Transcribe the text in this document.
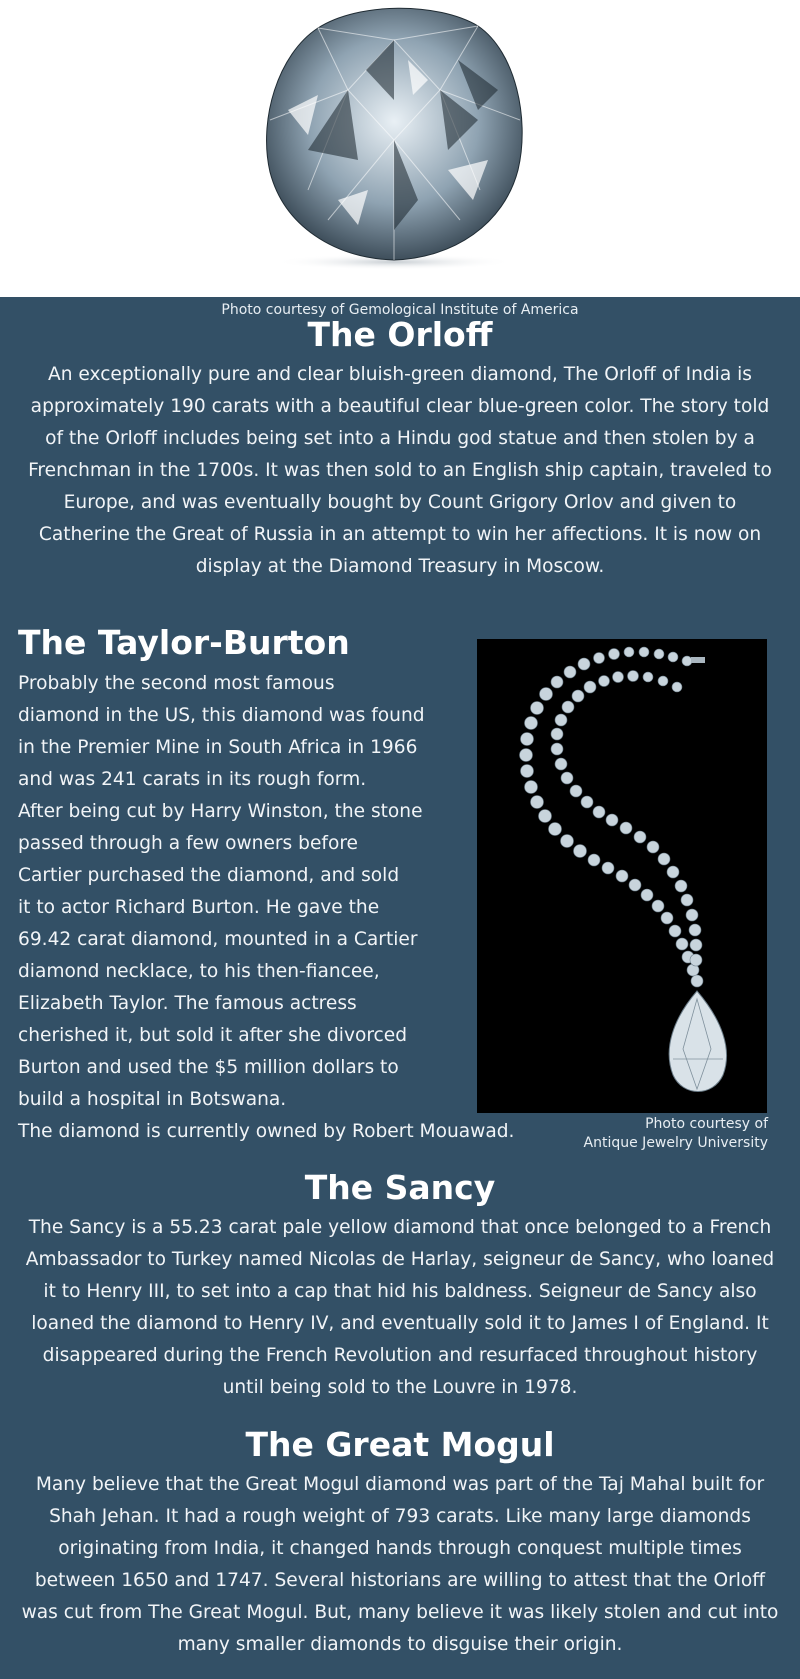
Photo courtesy of Gemological Institute of America
The Orloff
An exceptionally pure and clear bluish-green diamond, The Orloff of India is approximately 190 carats with a beautiful clear blue-green color. The story told of the Orloff includes being set into a Hindu god statue and then stolen by a Frenchman in the 1700s. It was then sold to an English ship captain, traveled to Europe, and was eventually bought by Count Grigory Orlov and given to Catherine the Great of Russia in an attempt to win her affections. It is now on display at the Diamond Treasury in Moscow.
The Taylor-Burton
Probably the second most famous
diamond in the US, this diamond was found
in the Premier Mine in South Africa in 1966
and was 241 carats in its rough form.
After being cut by Harry Winston, the stone
passed through a few owners before
Cartier purchased the diamond, and sold
it to actor Richard Burton. He gave the
69.42 carat diamond, mounted in a Cartier
diamond necklace, to his then-fiancee,
Elizabeth Taylor. The famous actress
cherished it, but sold it after she divorced
Burton and used the $5 million dollars to
build a hospital in Botswana.
The diamond is currently owned by Robert Mouawad.	Photo courtesy of
Antique Jewelry University
The Sancy
The Sancy is a 55.23 carat pale yellow diamond that once belonged to a French Ambassador to Turkey named Nicolas de Harlay, seigneur de Sancy, who loaned it to Henry III, to set into a cap that hid his baldness. Seigneur de Sancy also loaned the diamond to Henry IV, and eventually sold it to James I of England. It disappeared during the French Revolution and resurfaced throughout history until being sold to the Louvre in 1978.
The Great Mogul
Many believe that the Great Mogul diamond was part of the Taj Mahal built for Shah Jehan. It had a rough weight of 793 carats. Like many large diamonds originating from India, it changed hands through conquest multiple times between 1650 and 1747. Several historians are willing to attest that the Orloff was cut from The Great Mogul. But, many believe it was likely stolen and cut into many smaller diamonds to disguise their origin.
